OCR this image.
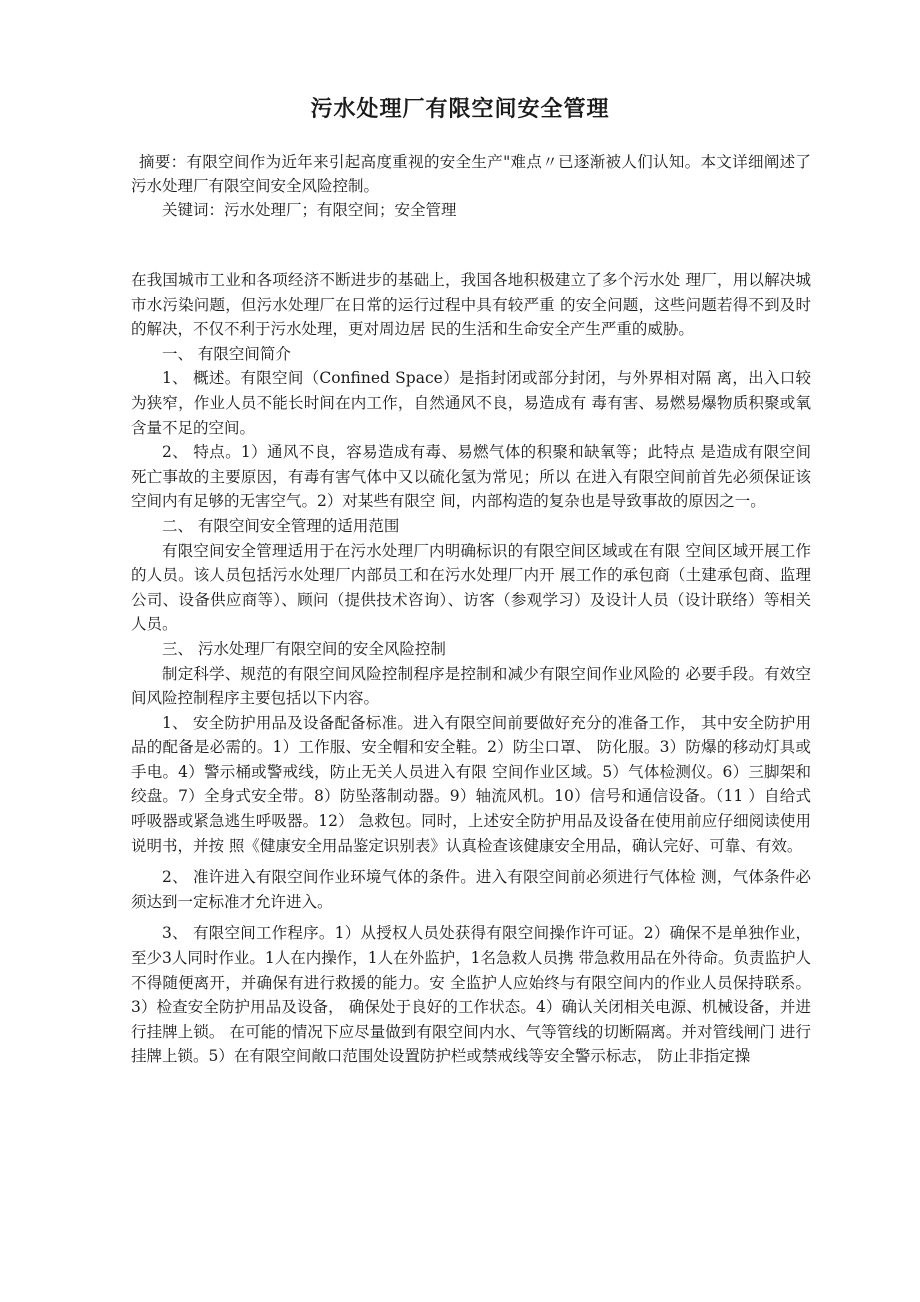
污水处理厂有限空间安全管理

摘要：有限空间作为近年来引起高度重视的安全生产"难点〃已逐渐被人们认知。本文详细阐述了污水处理厂有限空间安全风险控制。

关键词：污水处理厂；有限空间；安全管理

在我国城市工业和各项经济不断进步的基础上，我国各地积极建立了多个污水处 理厂，用以解决城市水污染问题，但污水处理厂在日常的运行过程中具有较严重 的安全问题，这些问题若得不到及时的解决，不仅不利于污水处理，更对周边居 民的生活和生命安全产生严重的威胁。

一、 有限空间简介

1、 概述。有限空间（Confined Space）是指封闭或部分封闭，与外界相对隔 离，出入口较为狭窄，作业人员不能长时间在内工作，自然通风不良，易造成有 毒有害、易燃易爆物质积聚或氧含量不足的空间。

2、 特点。1）通风不良，容易造成有毒、易燃气体的积聚和缺氧等；此特点 是造成有限空间死亡事故的主要原因，有毒有害气体中又以硫化氢为常见；所以 在进入有限空间前首先必须保证该空间内有足够的无害空气。2）对某些有限空 间，内部构造的复杂也是导致事故的原因之一。

二、 有限空间安全管理的适用范围

有限空间安全管理适用于在污水处理厂内明确标识的有限空间区域或在有限 空间区域开展工作的人员。该人员包括污水处理厂内部员工和在污水处理厂内开 展工作的承包商（土建承包商、监理公司、设备供应商等）、顾问（提供技术咨询）、访客（参观学习）及设计人员（设计联络）等相关人员。

三、 污水处理厂有限空间的安全风险控制

制定科学、规范的有限空间风险控制程序是控制和减少有限空间作业风险的 必要手段。有效空间风险控制程序主要包括以下内容。

1、 安全防护用品及设备配备标准。进入有限空间前要做好充分的准备工作， 其中安全防护用品的配备是必需的。1）工作服、安全帽和安全鞋。2）防尘口罩、 防化服。3）防爆的移动灯具或手电。4）警示桶或警戒线，防止无关人员进入有限 空间作业区域。5）气体检测仪。6）三脚架和绞盘。7）全身式安全带。8）防坠落制动器。9）轴流风机。10）信号和通信设备。（11 ）自给式呼吸器或紧急逃生呼吸器。12） 急救包。同时，上述安全防护用品及设备在使用前应仔细阅读使用说明书，并按 照《健康安全用品鉴定识别表》认真检查该健康安全用品，确认完好、可靠、有效。

2、 准许进入有限空间作业环境气体的条件。进入有限空间前必须进行气体检 测，气体条件必须达到一定标准才允许进入。

3、 有限空间工作程序。1）从授权人员处获得有限空间操作许可证。2）确保不是单独作业，至少3人同时作业。1人在内操作，1人在外监护，1名急救人员携 带急救用品在外待命。负责监护人不得随便离开，并确保有进行救援的能力。安 全监护人应始终与有限空间内的作业人员保持联系。3）检查安全防护用品及设备， 确保处于良好的工作状态。4）确认关闭相关电源、机械设备，并进行挂牌上锁。 在可能的情况下应尽量做到有限空间内水、气等管线的切断隔离。并对管线闸门 进行挂牌上锁。5）在有限空间敞口范围处设置防护栏或禁戒线等安全警示标志， 防止非指定操
